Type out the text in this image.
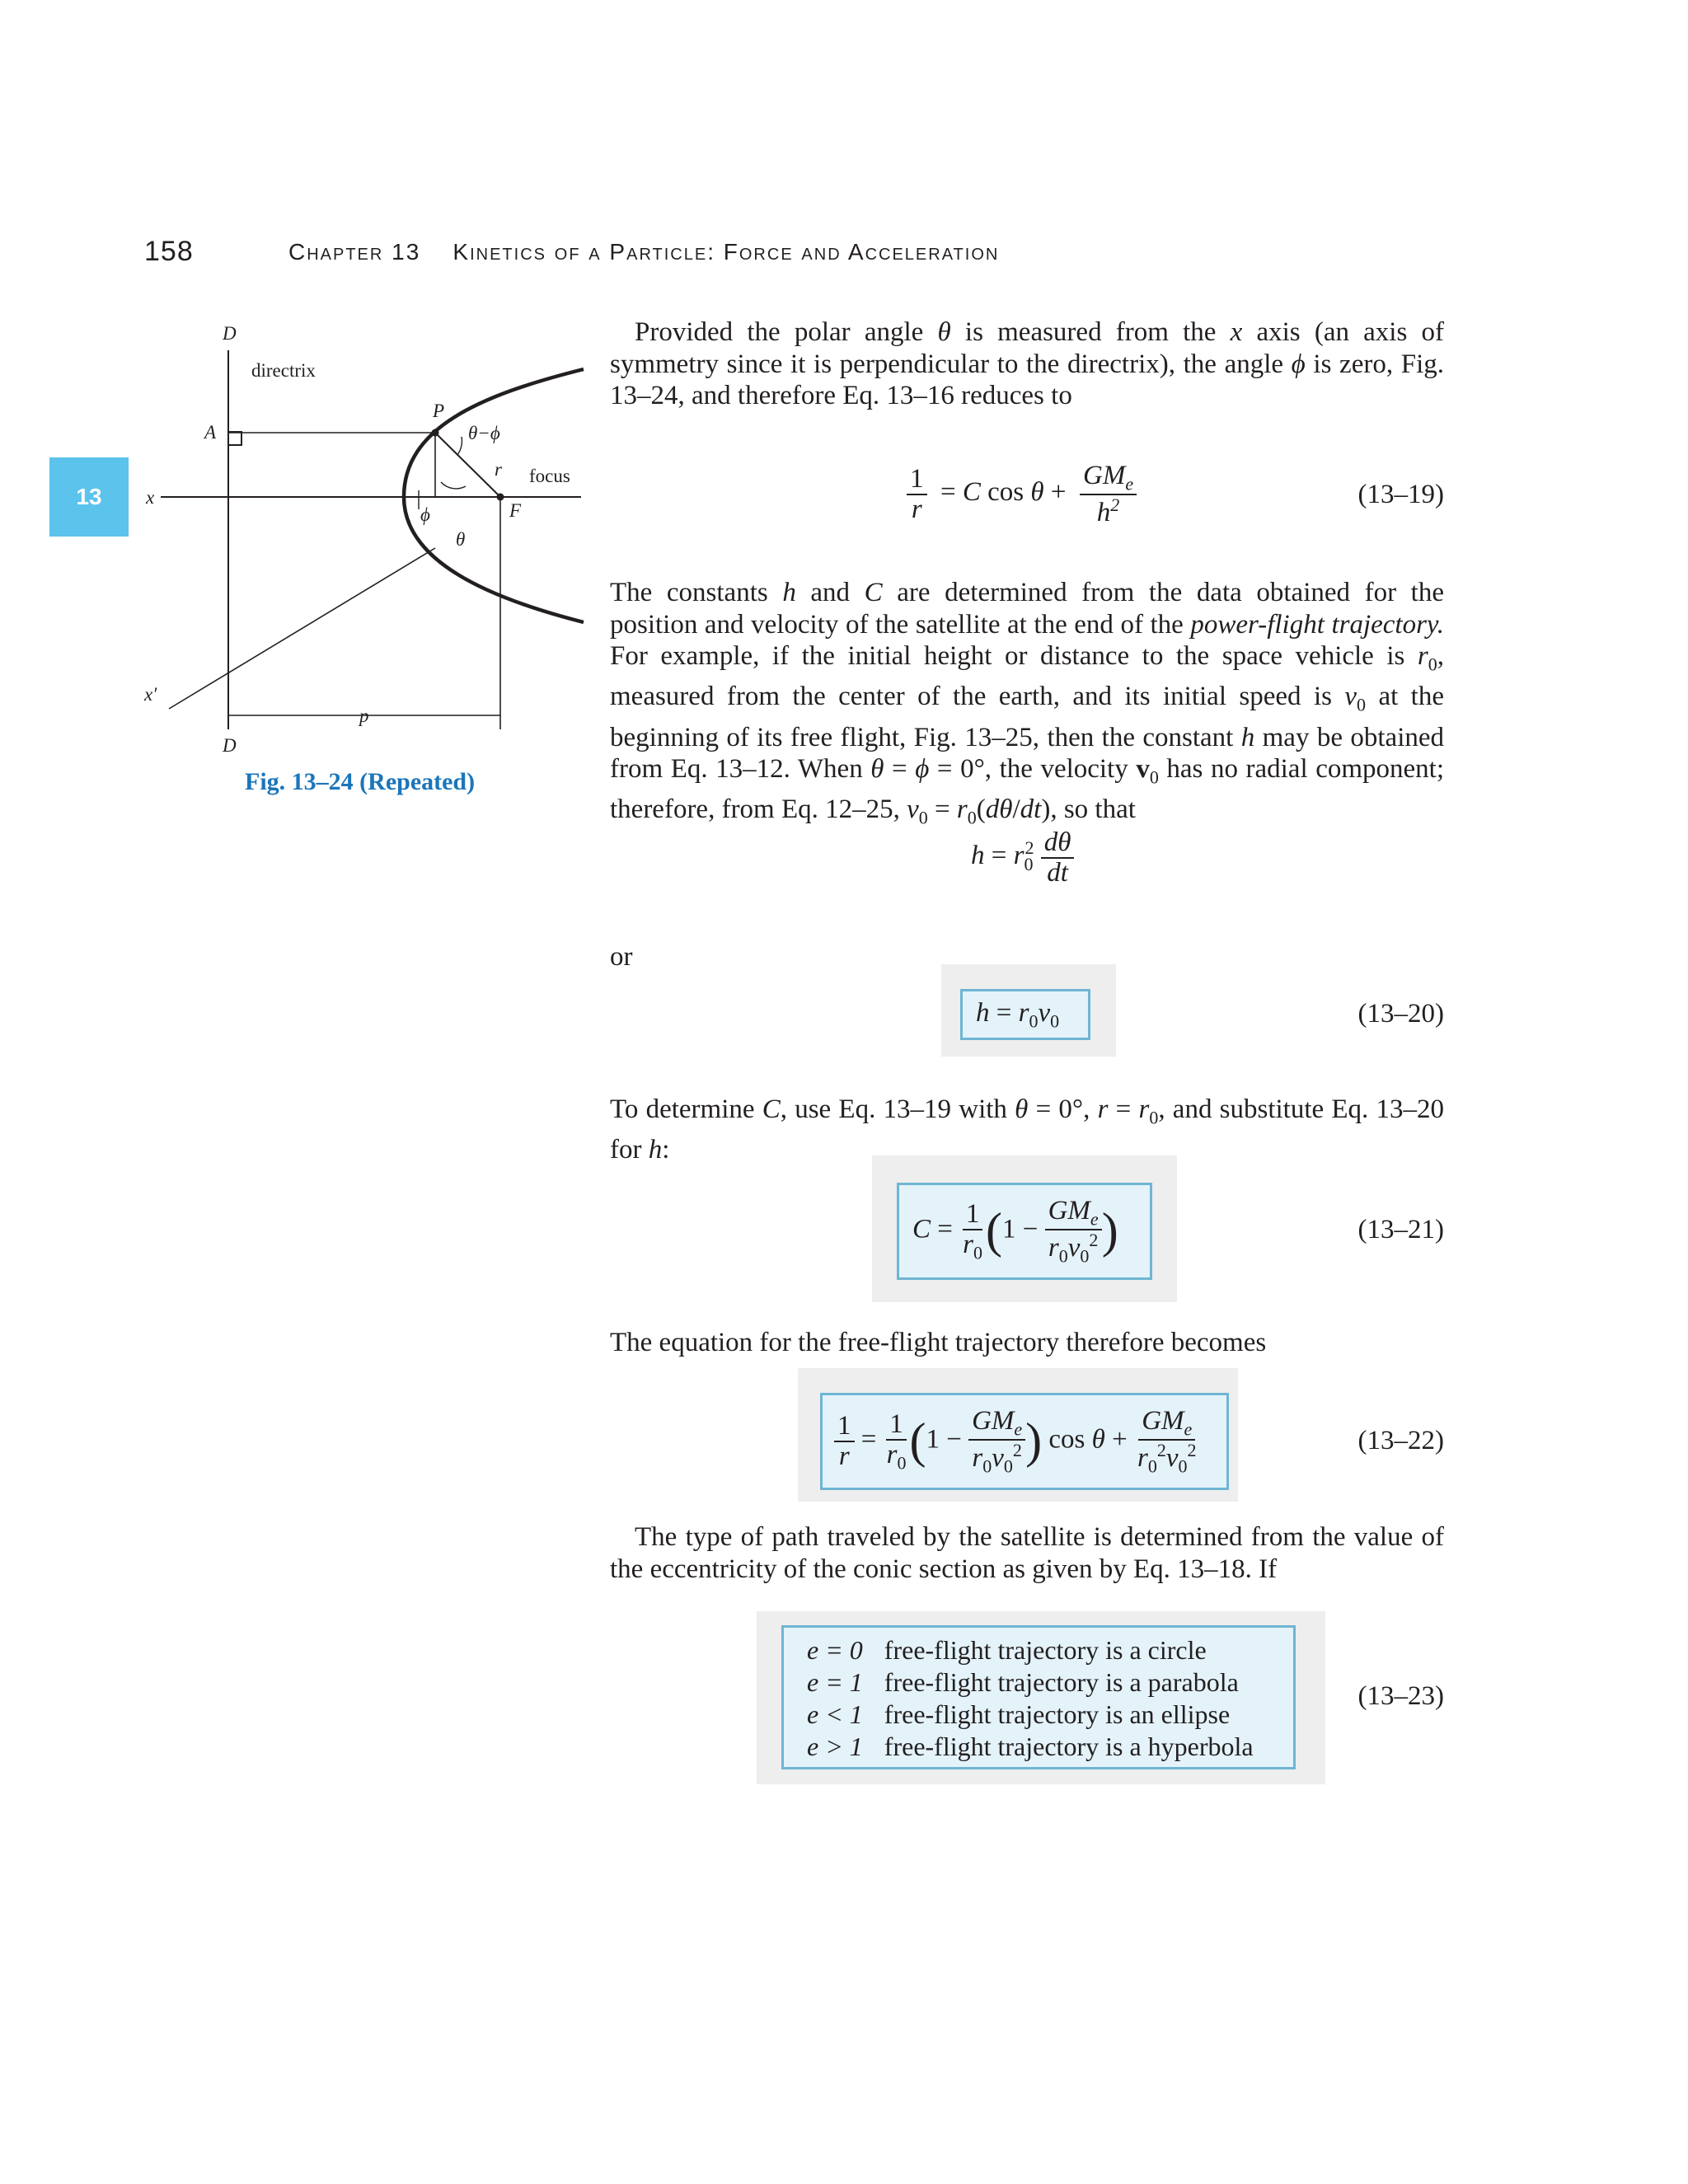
158	Chapter 13 Kinetics of a Particle: Force and Acceleration
13
D
directrix
A
P
θ−ϕ
r focus
x
F
ϕ
θ
x′
p
D
Fig. 13–24 (Repeated)
Provided the polar angle θ is measured from the x axis (an axis of symmetry since it is perpendicular to the directrix), the angle ϕ is zero, Fig. 13–24, and therefore Eq. 13–16 reduces to
$\frac{1}{r} = C$ $\cos \theta + \frac{GM_e}{h^2}$	(13–19)
The constants h and C are determined from the data obtained for the position and velocity of the satellite at the end of the power-flight trajectory. For example, if the initial height or distance to the space vehicle is $r_0$, measured from the center of the earth, and its initial speed is $v_0$ at the beginning of its free flight, Fig. 13–25, then the constant h may be obtained from Eq. 13–12. When θ = ϕ = 0°, the velocity $v_0$ has no radial component; therefore, from Eq. 12–25, $v_0 = r_0(d\theta/dt)$, so that
$h = r_0^2 \frac{d\theta}{dt}$
or
$h = r_0v_0$	(13–20)
To determine C, use Eq. 13–19 with θ = 0°, $r = r_0$, and substitute Eq. 13–20 for h:
$C = \frac{1}{r_0} (1 - \frac{GM_e}{r_0v_0^2}$ )	(13–21)
The equation for the free-flight trajectory therefore becomes
$\frac{1}{r} = \frac{1}{r_0} (1 - \frac{GM_e}{r_0v_0^2}$ ) $\cos \theta + \frac{GM_e}{r_0^2v_0^2}$	(13–22)
The type of path traveled by the satellite is determined from the value of the eccentricity of the conic section as given by Eq. 13–18. If
e = 0	free-flight trajectory is a circle
e = 1	free-flight trajectory is a parabola
e < 1	free-flight trajectory is an ellipse
e > 1	free-flight trajectory is a hyperbola
(13–23)
